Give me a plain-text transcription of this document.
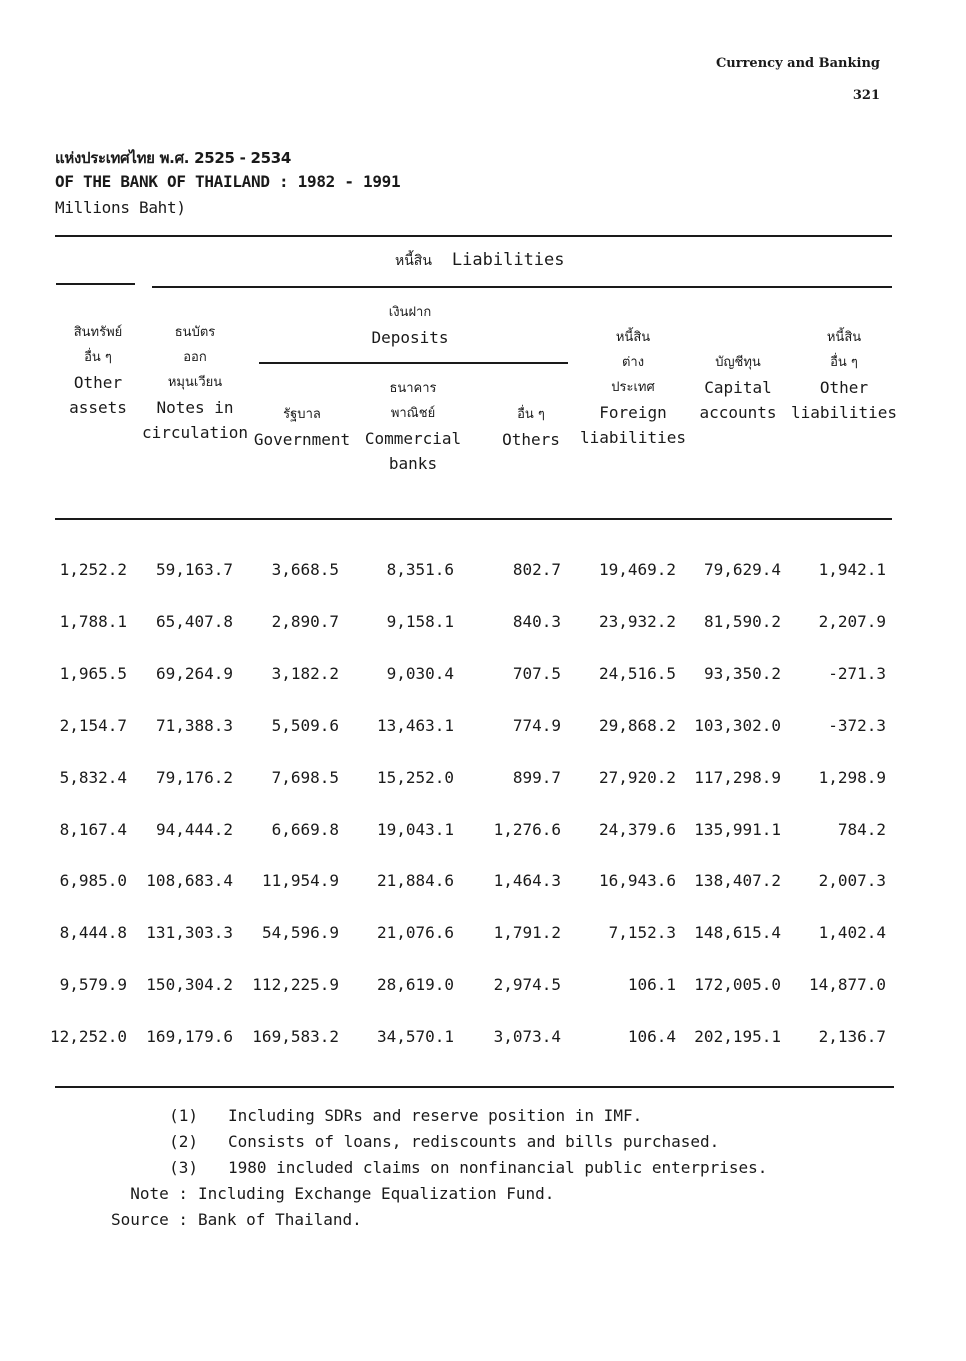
Currency and Banking
321
แห่งประเทศไทย พ.ศ. 2525 - 2534
OF THE BANK OF THAILAND : 1982 - 1991
Millions Baht)
หนี้สิน Liabilities
เงินฝาก
Deposits
สินทรัพย์
อื่น ๆ
Other
assets
ธนบัตร
ออก
หมุนเวียน
Notes in
circulation
รัฐบาล
Government
ธนาคาร
พาณิชย์
Commercial
banks
อื่น ๆ
Others
หนี้สิน
ต่าง
ประเทศ
Foreign
liabilities
บัญชีทุน
Capital
accounts
หนี้สิน
อื่น ๆ
Other
liabilities
1,252.2	59,163.7	3,668.5	8,351.6	802.7	19,469.2	79,629.4	1,942.1
1,788.1	65,407.8	2,890.7	9,158.1	840.3	23,932.2	81,590.2	2,207.9
1,965.5	69,264.9	3,182.2	9,030.4	707.5	24,516.5	93,350.2	-271.3
2,154.7	71,388.3	5,509.6	13,463.1	774.9	29,868.2	103,302.0	-372.3
5,832.4	79,176.2	7,698.5	15,252.0	899.7	27,920.2	117,298.9	1,298.9
8,167.4	94,444.2	6,669.8	19,043.1	1,276.6	24,379.6	135,991.1	784.2
6,985.0	108,683.4	11,954.9	21,884.6	1,464.3	16,943.6	138,407.2	2,007.3
8,444.8	131,303.3	54,596.9	21,076.6	1,791.2	7,152.3	148,615.4	1,402.4
9,579.9	150,304.2	112,225.9	28,619.0	2,974.5	106.1	172,005.0	14,877.0
12,252.0	169,179.6	169,583.2	34,570.1	3,073.4	106.4	202,195.1	2,136.7
(1)	Including SDRs and reserve position in IMF.
(2)	Consists of loans, rediscounts and bills purchased.
(3)	1980 included claims on nonfinancial public enterprises.
Note : Including Exchange Equalization Fund.
Source : Bank of Thailand.
